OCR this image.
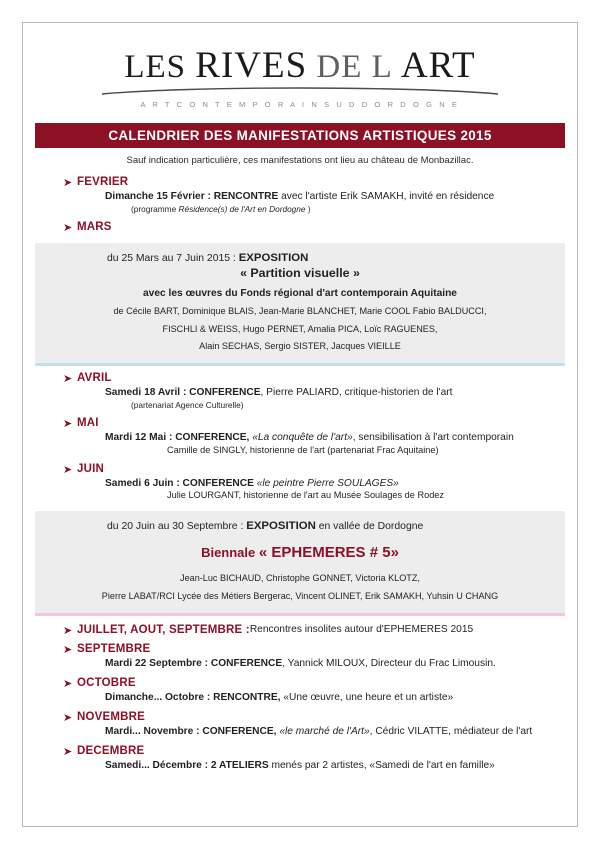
LES RIVES DE L ART
A R T C O N T E M P O R A I N S U D D O R D O G N E
CALENDRIER DES MANIFESTATIONS ARTISTIQUES 2015
Sauf indication particulière, ces manifestations ont lieu au château de Monbazillac.
➤ FEVRIER
Dimanche 15 Février : RENCONTRE avec l'artiste Erik SAMAKH, invité en résidence
(programme Résidence(s) de l'Art en Dordogne )
➤ MARS
du 25 Mars au 7 Juin 2015 : EXPOSITION
« Partition visuelle »
avec les œuvres du Fonds régional d'art contemporain Aquitaine
de Cécile BART, Dominique BLAIS, Jean-Marie BLANCHET, Marie COOL Fabio BALDUCCI,
FISCHLI & WEISS, Hugo PERNET, Amalia PICA, Loïc RAGUENES,
Alain SECHAS, Sergio SISTER, Jacques VIEILLE
➤ AVRIL
Samedi 18 Avril : CONFERENCE, Pierre PALIARD, critique-historien de l'art
(partenariat Agence Culturelle)
➤ MAI
Mardi 12 Mai : CONFERENCE, «La conquête de l'art», sensibilisation à l'art contemporain
Camille de SINGLY, historienne de l'art (partenariat Frac Aquitaine)
➤ JUIN
Samedi 6 Juin : CONFERENCE «le peintre Pierre SOULAGES»
Julie LOURGANT, historienne de l'art au Musée Soulages de Rodez
du 20 Juin au 30 Septembre : EXPOSITION en vallée de Dordogne
Biennale « EPHEMERES # 5»
Jean-Luc BICHAUD, Christophe GONNET, Victoria KLOTZ,
Pierre LABAT/RCI Lycée des Métiers Bergerac, Vincent OLINET, Erik SAMAKH, Yuhsin U CHANG
➤ JUILLET, AOUT, SEPTEMBRE : Rencontres insolites autour d'EPHEMERES 2015
➤ SEPTEMBRE
Mardi 22 Septembre : CONFERENCE, Yannick MILOUX, Directeur du Frac Limousin.
➤ OCTOBRE
Dimanche... Octobre : RENCONTRE, «Une œuvre, une heure et un artiste»
➤ NOVEMBRE
Mardi... Novembre : CONFERENCE, «le marché de l'Art», Cédric VILATTE, médiateur de l'art
➤ DECEMBRE
Samedi... Décembre : 2 ATELIERS menés par 2 artistes, «Samedi de l'art en famille»
